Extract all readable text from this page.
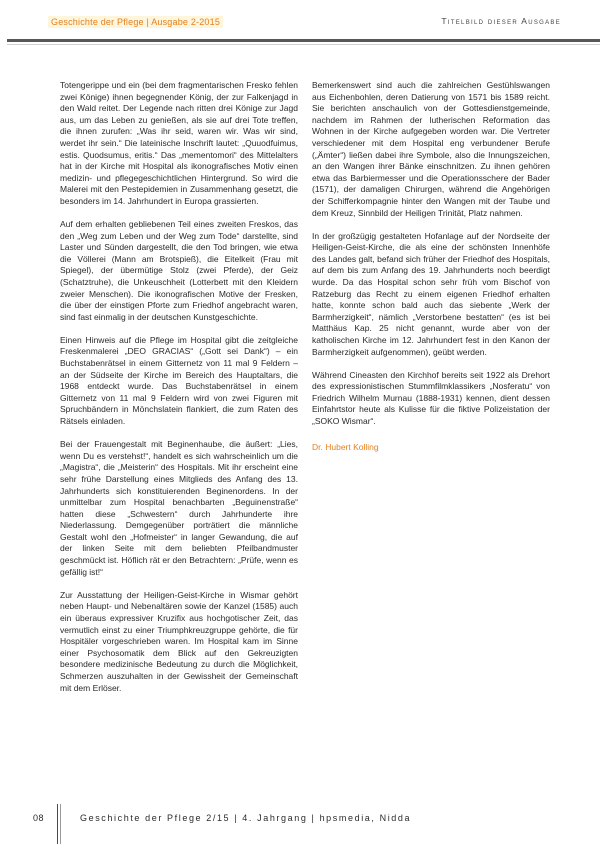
Geschichte der Pflege | Ausgabe 2-2015	Titelbild dieser Ausgabe

Totengerippe und ein (bei dem fragmentarischen Fresko fehlen zwei Könige) ihnen begegnender König, der zur Falkenjagd in den Wald reitet. Der Legende nach ritten drei Könige zur Jagd aus, um das Leben zu genießen, als sie auf drei Tote treffen, die ihnen zurufen: „Was ihr seid, waren wir. Was wir sind, werdet ihr sein.“ Die lateinische Inschrift lautet: „Quuodfuimus, estis. Quodsumus, eritis.“ Das „mementomori“ des Mittelalters hat in der Kirche mit Hospital als ikonografisches Motiv einen medizin- und pflegegeschichtlichen Hintergrund. So wird die Malerei mit den Pestepidemien in Zusammenhang gesetzt, die besonders im 14. Jahrhundert in Europa grassierten.

Auf dem erhalten gebliebenen Teil eines zweiten Freskos, das den „Weg zum Leben und der Weg zum Tode“ darstellte, sind Laster und Sünden dargestellt, die den Tod bringen, wie etwa die Völlerei (Mann am Brotspieß), die Eitelkeit (Frau mit Spiegel), der übermütige Stolz (zwei Pferde), der Geiz (Schatztruhe), die Unkeuschheit (Lotterbett mit den Kleidern zweier Menschen). Die ikonografischen Motive der Fresken, die über der einstigen Pforte zum Friedhof angebracht waren, sind fast einmalig in der deutschen Kunstgeschichte.

Einen Hinweis auf die Pflege im Hospital gibt die zeitgleiche Freskenmalerei „DEO GRACIAS“ („Gott sei Dank“) – ein Buchstabenrätsel in einem Gitternetz von 11 mal 9 Feldern – an der Südseite der Kirche im Bereich des Hauptaltars, die 1968 entdeckt wurde. Das Buchstabenrätsel in einem Gitternetz von 11 mal 9 Feldern wird von zwei Figuren mit Spruchbändern in Mönchslatein flankiert, die zum Raten des Rätsels einladen.

Bei der Frauengestalt mit Beginenhaube, die äußert: „Lies, wenn Du es verstehst!“, handelt es sich wahrscheinlich um die „Magistra“, die „Meisterin“ des Hospitals. Mit ihr erscheint eine sehr frühe Darstellung eines Mitglieds des Anfang des 13. Jahrhunderts sich konstituierenden Beginenordens. In der unmittelbar zum Hospital benachbarten „Beguinenstraße“ hatten diese „Schwestern“ durch Jahrhunderte ihre Niederlassung. Demgegenüber porträtiert die männliche Gestalt wohl den „Hofmeister“ in langer Gewandung, die auf der linken Seite mit dem beliebten Pfeilbandmuster geschmückt ist. Höflich rät er den Betrachtern: „Prüfe, wenn es gefällig ist!“

Zur Ausstattung der Heiligen-Geist-Kirche in Wismar gehört neben Haupt- und Nebenaltären sowie der Kanzel (1585) auch ein überaus expressiver Kruzifix aus hochgotischer Zeit, das vermutlich einst zu einer Triumphkreuzgruppe gehörte, die für Hospitäler vorgeschrieben waren. Im Hospital kam im Sinne einer Psychosomatik dem Blick auf den Gekreuzigten besondere medizinische Bedeutung zu durch die Möglichkeit, Schmerzen auszuhalten in der Gewissheit der Gemeinschaft mit dem Erlöser.

Bemerkenswert sind auch die zahlreichen Gestühlswangen aus Eichenbohlen, deren Datierung von 1571 bis 1589 reicht. Sie berichten anschaulich von der Gottesdienstgemeinde, nachdem im Rahmen der lutherischen Reformation das Wohnen in der Kirche aufgegeben worden war. Die Vertreter verschiedener mit dem Hospital eng verbundener Berufe („Ämter“) ließen dabei ihre Symbole, also die Innungszeichen, an den Wangen ihrer Bänke einschnitzen. Zu ihnen gehören etwa das Barbiermesser und die Operationsschere der Bader (1571), der damaligen Chirurgen, während die Angehörigen der Schifferkompagnie hinter den Wangen mit der Taube und dem Kreuz, Sinnbild der Heiligen Trinität, Platz nahmen.

In der großzügig gestalteten Hofanlage auf der Nordseite der Heiligen-Geist-Kirche, die als eine der schönsten Innenhöfe des Landes galt, befand sich früher der Friedhof des Hospitals, auf dem bis zum Anfang des 19. Jahrhunderts noch beerdigt wurde. Da das Hospital schon sehr früh vom Bischof von Ratzeburg das Recht zu einem eigenen Friedhof erhalten hatte, konnte schon bald auch das siebente „Werk der Barmherzigkeit“, nämlich „Verstorbene bestatten“ (es ist bei Matthäus Kap. 25 nicht genannt, wurde aber von der katholischen Kirche im 12. Jahrhundert fest in den Kanon der Barmherzigkeit aufgenommen), geübt werden.

Während Cineasten den Kirchhof bereits seit 1922 als Drehort des expressionistischen Stummfilmklassikers „Nosferatu“ von Friedrich Wilhelm Murnau (1888-1931) kennen, dient dessen Einfahrtstor heute als Kulisse für die fiktive Polizeistation der „SOKO Wismar“.

Dr. Hubert Kolling
08	Geschichte der Pflege 2/15 | 4. Jahrgang | hpsmedia, Nidda
